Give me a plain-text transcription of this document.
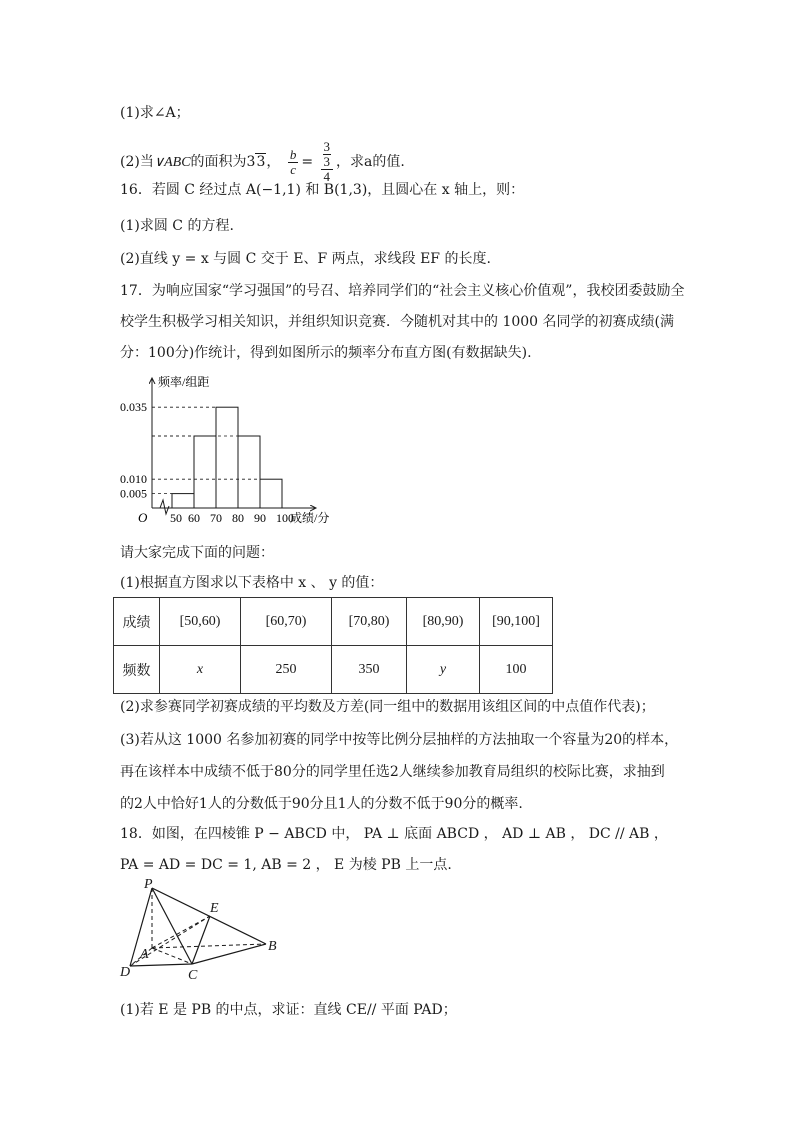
(1)求∠A；
(2)当∨ABC的面积为33， $\frac{b}{c} = 3$
3
4 ，求a的值.
16．若圆 C 经过点 A(−1,1) 和 B(1,3)，且圆心在 x 轴上，则：
(1)求圆 C 的方程.
(2)直线 y = x 与圆 C 交于 E、F 两点，求线段 EF 的长度.
17．为响应国家“学习强国”的号召、培养同学们的“社会主义核心价值观”，我校团委鼓励全
校学生积极学习相关知识，并组织知识竞赛．今随机对其中的 1000 名同学的初赛成绩(满
分：100分)作统计，得到如图所示的频率分布直方图(有数据缺失).
频率/组距
O
0.005
0.010
0.035
50 60 70 80 90 100
成绩/分
请大家完成下面的问题：
(1)根据直方图求以下表格中 x 、 y 的值：
成绩	[50,60)	[60,70)	[70,80)	[80,90)	[90,100]
频数	x	250	350	y	100
(2)求参赛同学初赛成绩的平均数及方差(同一组中的数据用该组区间的中点值作代表)；
(3)若从这 1000 名参加初赛的同学中按等比例分层抽样的方法抽取一个容量为20的样本，
再在该样本中成绩不低于80分的同学里任选2人继续参加教育局组织的校际比赛，求抽到
的2人中恰好1人的分数低于90分且1人的分数不低于90分的概率.
18．如图，在四棱锥 P − ABCD 中， PA ⊥ 底面 ABCD ， AD ⊥ AB ， DC // AB ，
PA = AD = DC = 1, AB = 2 ， E 为棱 PB 上一点.
P
E
B
A
D	C
(1)若 E 是 PB 的中点，求证：直线 CE// 平面 PAD；
